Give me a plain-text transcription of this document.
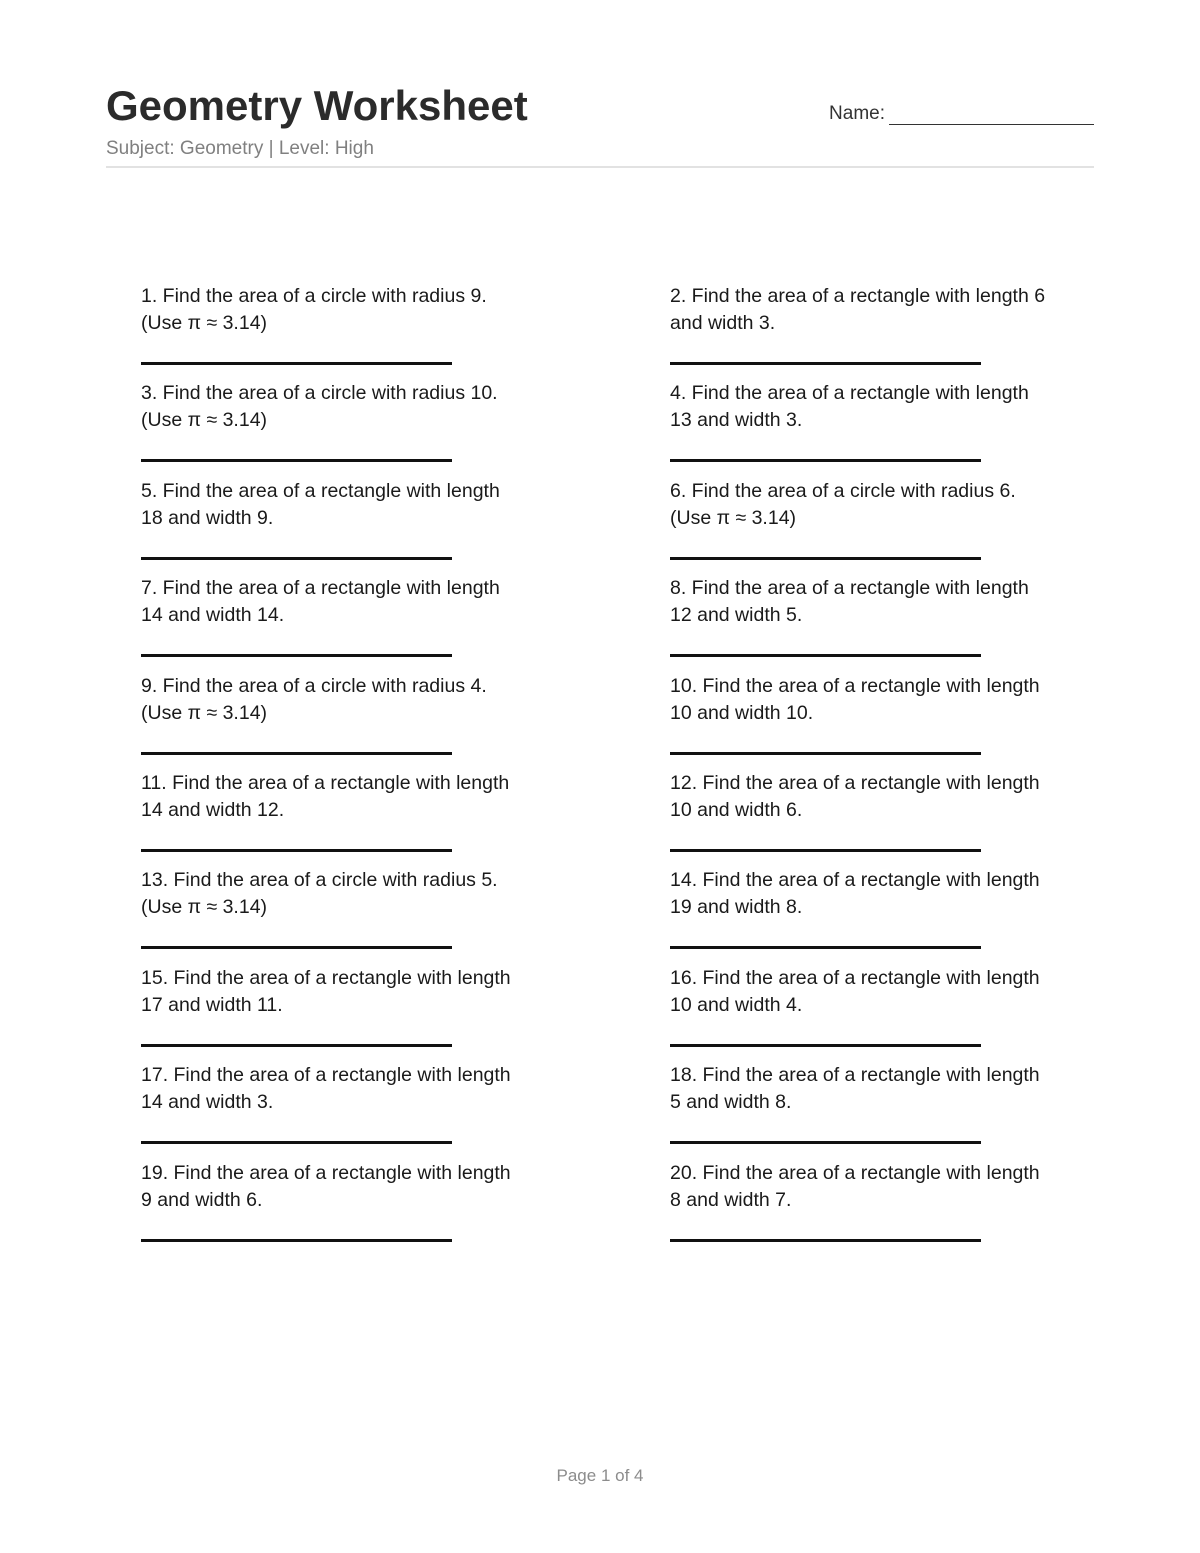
Geometry Worksheet
Subject: Geometry | Level: High
Name:
1. Find the area of a circle with radius 9.
(Use π ≈ 3.14)
2. Find the area of a rectangle with length 6
and width 3.
3. Find the area of a circle with radius 10.
(Use π ≈ 3.14)
4. Find the area of a rectangle with length
13 and width 3.
5. Find the area of a rectangle with length
18 and width 9.
6. Find the area of a circle with radius 6.
(Use π ≈ 3.14)
7. Find the area of a rectangle with length
14 and width 14.
8. Find the area of a rectangle with length
12 and width 5.
9. Find the area of a circle with radius 4.
(Use π ≈ 3.14)
10. Find the area of a rectangle with length
10 and width 10.
11. Find the area of a rectangle with length
14 and width 12.
12. Find the area of a rectangle with length
10 and width 6.
13. Find the area of a circle with radius 5.
(Use π ≈ 3.14)
14. Find the area of a rectangle with length
19 and width 8.
15. Find the area of a rectangle with length
17 and width 11.
16. Find the area of a rectangle with length
10 and width 4.
17. Find the area of a rectangle with length
14 and width 3.
18. Find the area of a rectangle with length
5 and width 8.
19. Find the area of a rectangle with length
9 and width 6.
20. Find the area of a rectangle with length
8 and width 7.
Page 1 of 4
